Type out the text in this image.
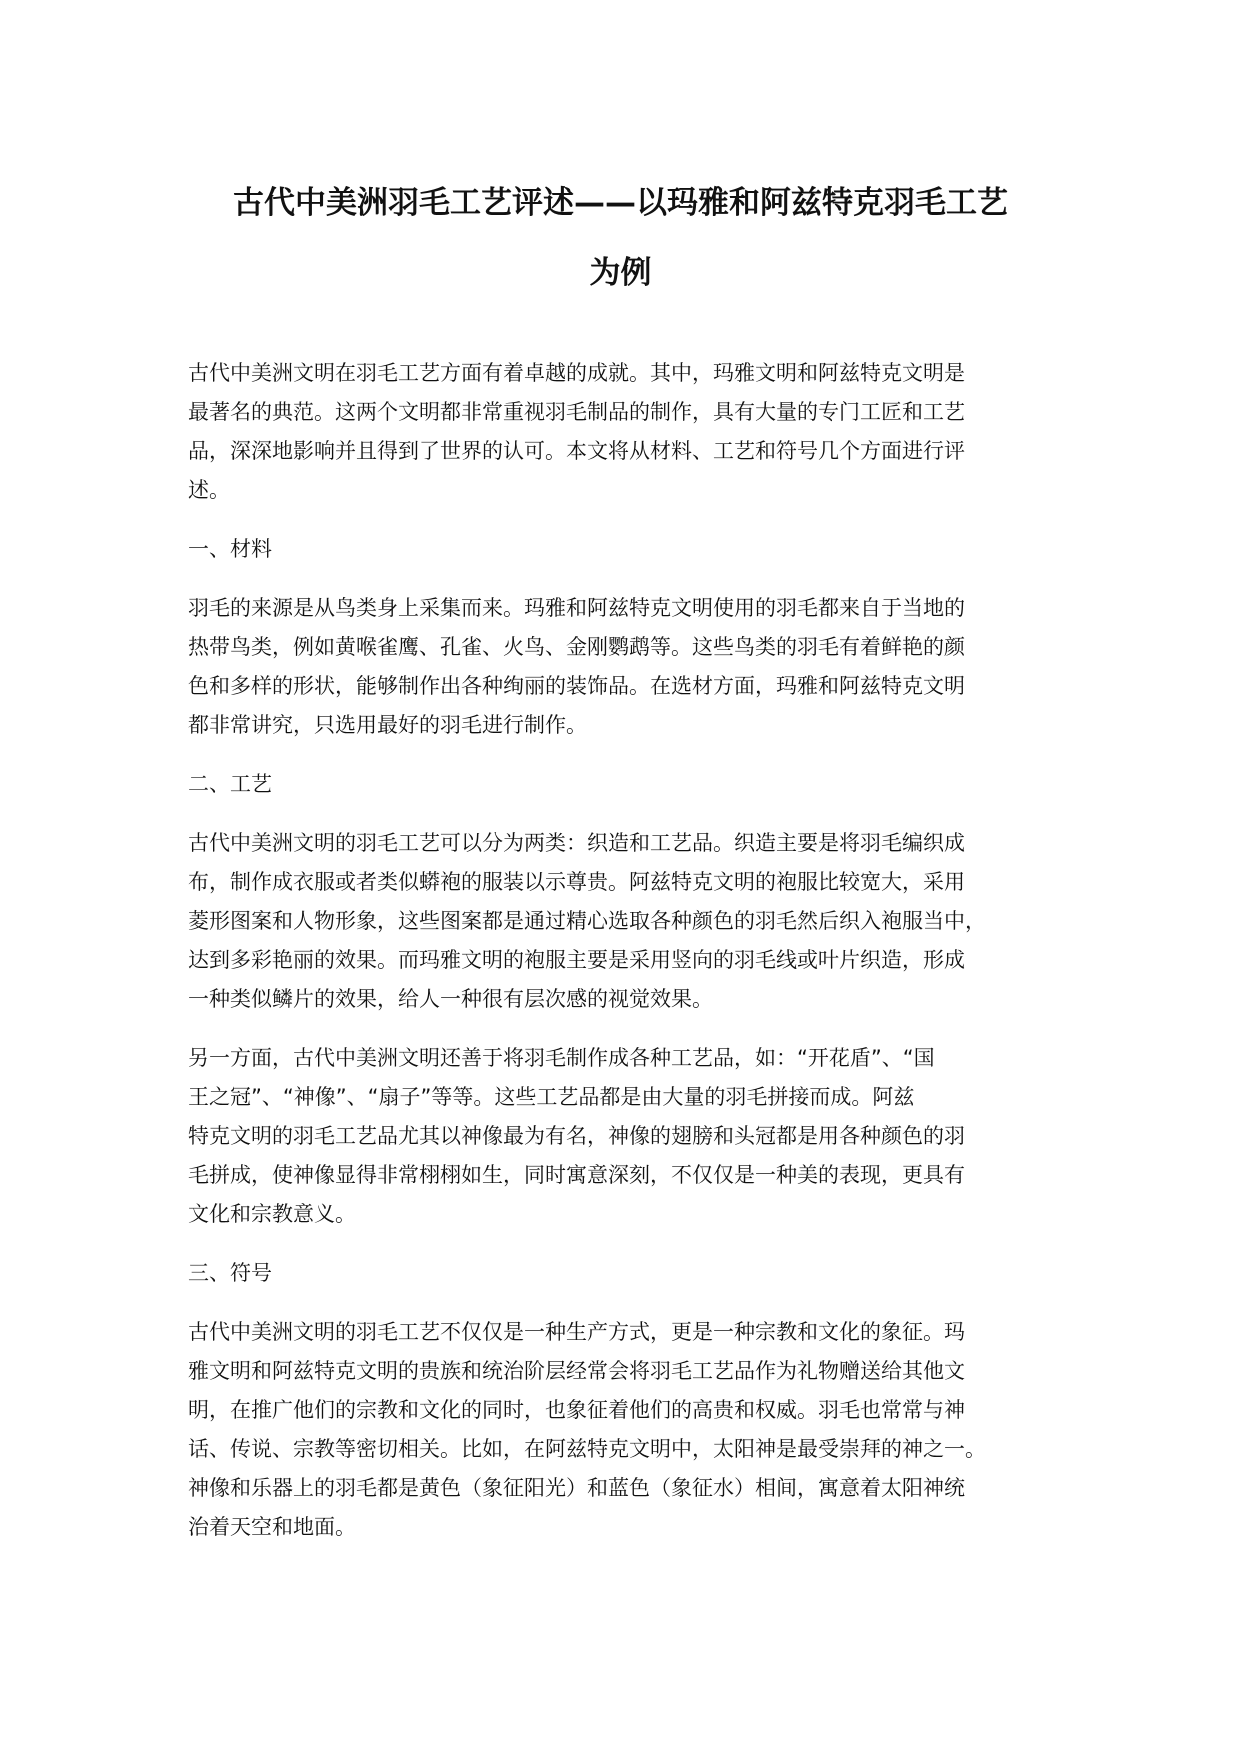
古代中美洲羽毛工艺评述——以玛雅和阿兹特克羽毛工艺
为例

古代中美洲文明在羽毛工艺方面有着卓越的成就。其中，玛雅文明和阿兹特克文明是
最著名的典范。这两个文明都非常重视羽毛制品的制作，具有大量的专门工匠和工艺
品，深深地影响并且得到了世界的认可。本文将从材料、工艺和符号几个方面进行评
述。

一、材料

羽毛的来源是从鸟类身上采集而来。玛雅和阿兹特克文明使用的羽毛都来自于当地的
热带鸟类，例如黄喉雀鹰、孔雀、火鸟、金刚鹦鹉等。这些鸟类的羽毛有着鲜艳的颜
色和多样的形状，能够制作出各种绚丽的装饰品。在选材方面，玛雅和阿兹特克文明
都非常讲究，只选用最好的羽毛进行制作。

二、工艺

古代中美洲文明的羽毛工艺可以分为两类：织造和工艺品。织造主要是将羽毛编织成
布，制作成衣服或者类似蟒袍的服装以示尊贵。阿兹特克文明的袍服比较宽大，采用
菱形图案和人物形象，这些图案都是通过精心选取各种颜色的羽毛然后织入袍服当中，
达到多彩艳丽的效果。而玛雅文明的袍服主要是采用竖向的羽毛线或叶片织造，形成
一种类似鳞片的效果，给人一种很有层次感的视觉效果。

另一方面，古代中美洲文明还善于将羽毛制作成各种工艺品，如：“开花盾”、“国
王之冠”、“神像”、“扇子”等等。这些工艺品都是由大量的羽毛拼接而成。阿兹
特克文明的羽毛工艺品尤其以神像最为有名，神像的翅膀和头冠都是用各种颜色的羽
毛拼成，使神像显得非常栩栩如生，同时寓意深刻，不仅仅是一种美的表现，更具有
文化和宗教意义。

三、符号

古代中美洲文明的羽毛工艺不仅仅是一种生产方式，更是一种宗教和文化的象征。玛
雅文明和阿兹特克文明的贵族和统治阶层经常会将羽毛工艺品作为礼物赠送给其他文
明，在推广他们的宗教和文化的同时，也象征着他们的高贵和权威。羽毛也常常与神
话、传说、宗教等密切相关。比如，在阿兹特克文明中，太阳神是最受崇拜的神之一。
神像和乐器上的羽毛都是黄色（象征阳光）和蓝色（象征水）相间，寓意着太阳神统
治着天空和地面。
